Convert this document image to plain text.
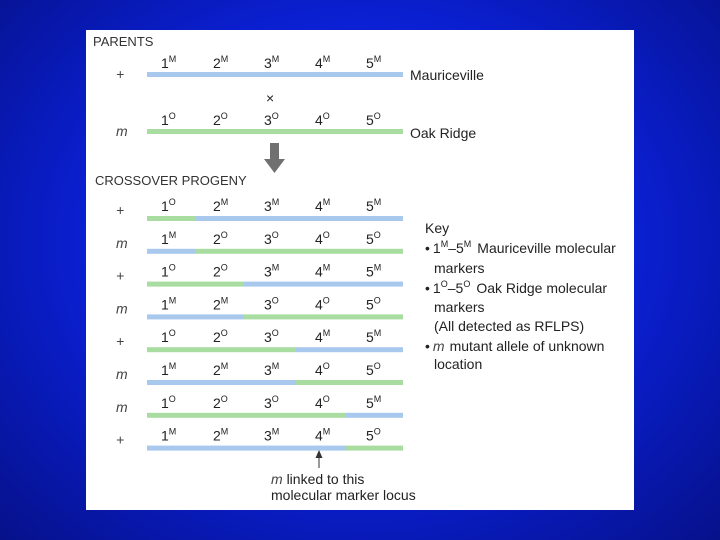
PARENTS
+
$1^M$	$2^M$	$3^M$	$4^M$	$5^M$
Mauriceville
×
m
$1^O$	$2^O$	$3^O$	$4^O$	$5^O$
Oak Ridge
CROSSOVER PROGENY
+	$1^O$	$2^M$	$3^M$	$4^M$	$5^M$
m $1^M$	$2^O$	$3^O$	$4^O$	$5^O$
+	$1^O$	$2^O$	$3^M$	$4^M$	$5^M$
m $1^M$	$2^M$	$3^O$	$4^O$	$5^O$
+	$1^O$	$2^O$	$3^O$	$4^M$	$5^M$
m $1^M$	$2^M$	$3^M$	$4^O$	$5^O$
m $1^O$	$2^O$	$3^O$	$4^O$	$5^M$
+	$1^M$	$2^M$	$3^M$	$4^M$	$5^O$
m linked to this
molecular marker locus
Key
• $1^M-5^M$ Mauriceville molecular
markers
• $1^O-5^O$ Oak Ridge molecular
markers
(All detected as RFLPS)
• m mutant allele of unknown
location
